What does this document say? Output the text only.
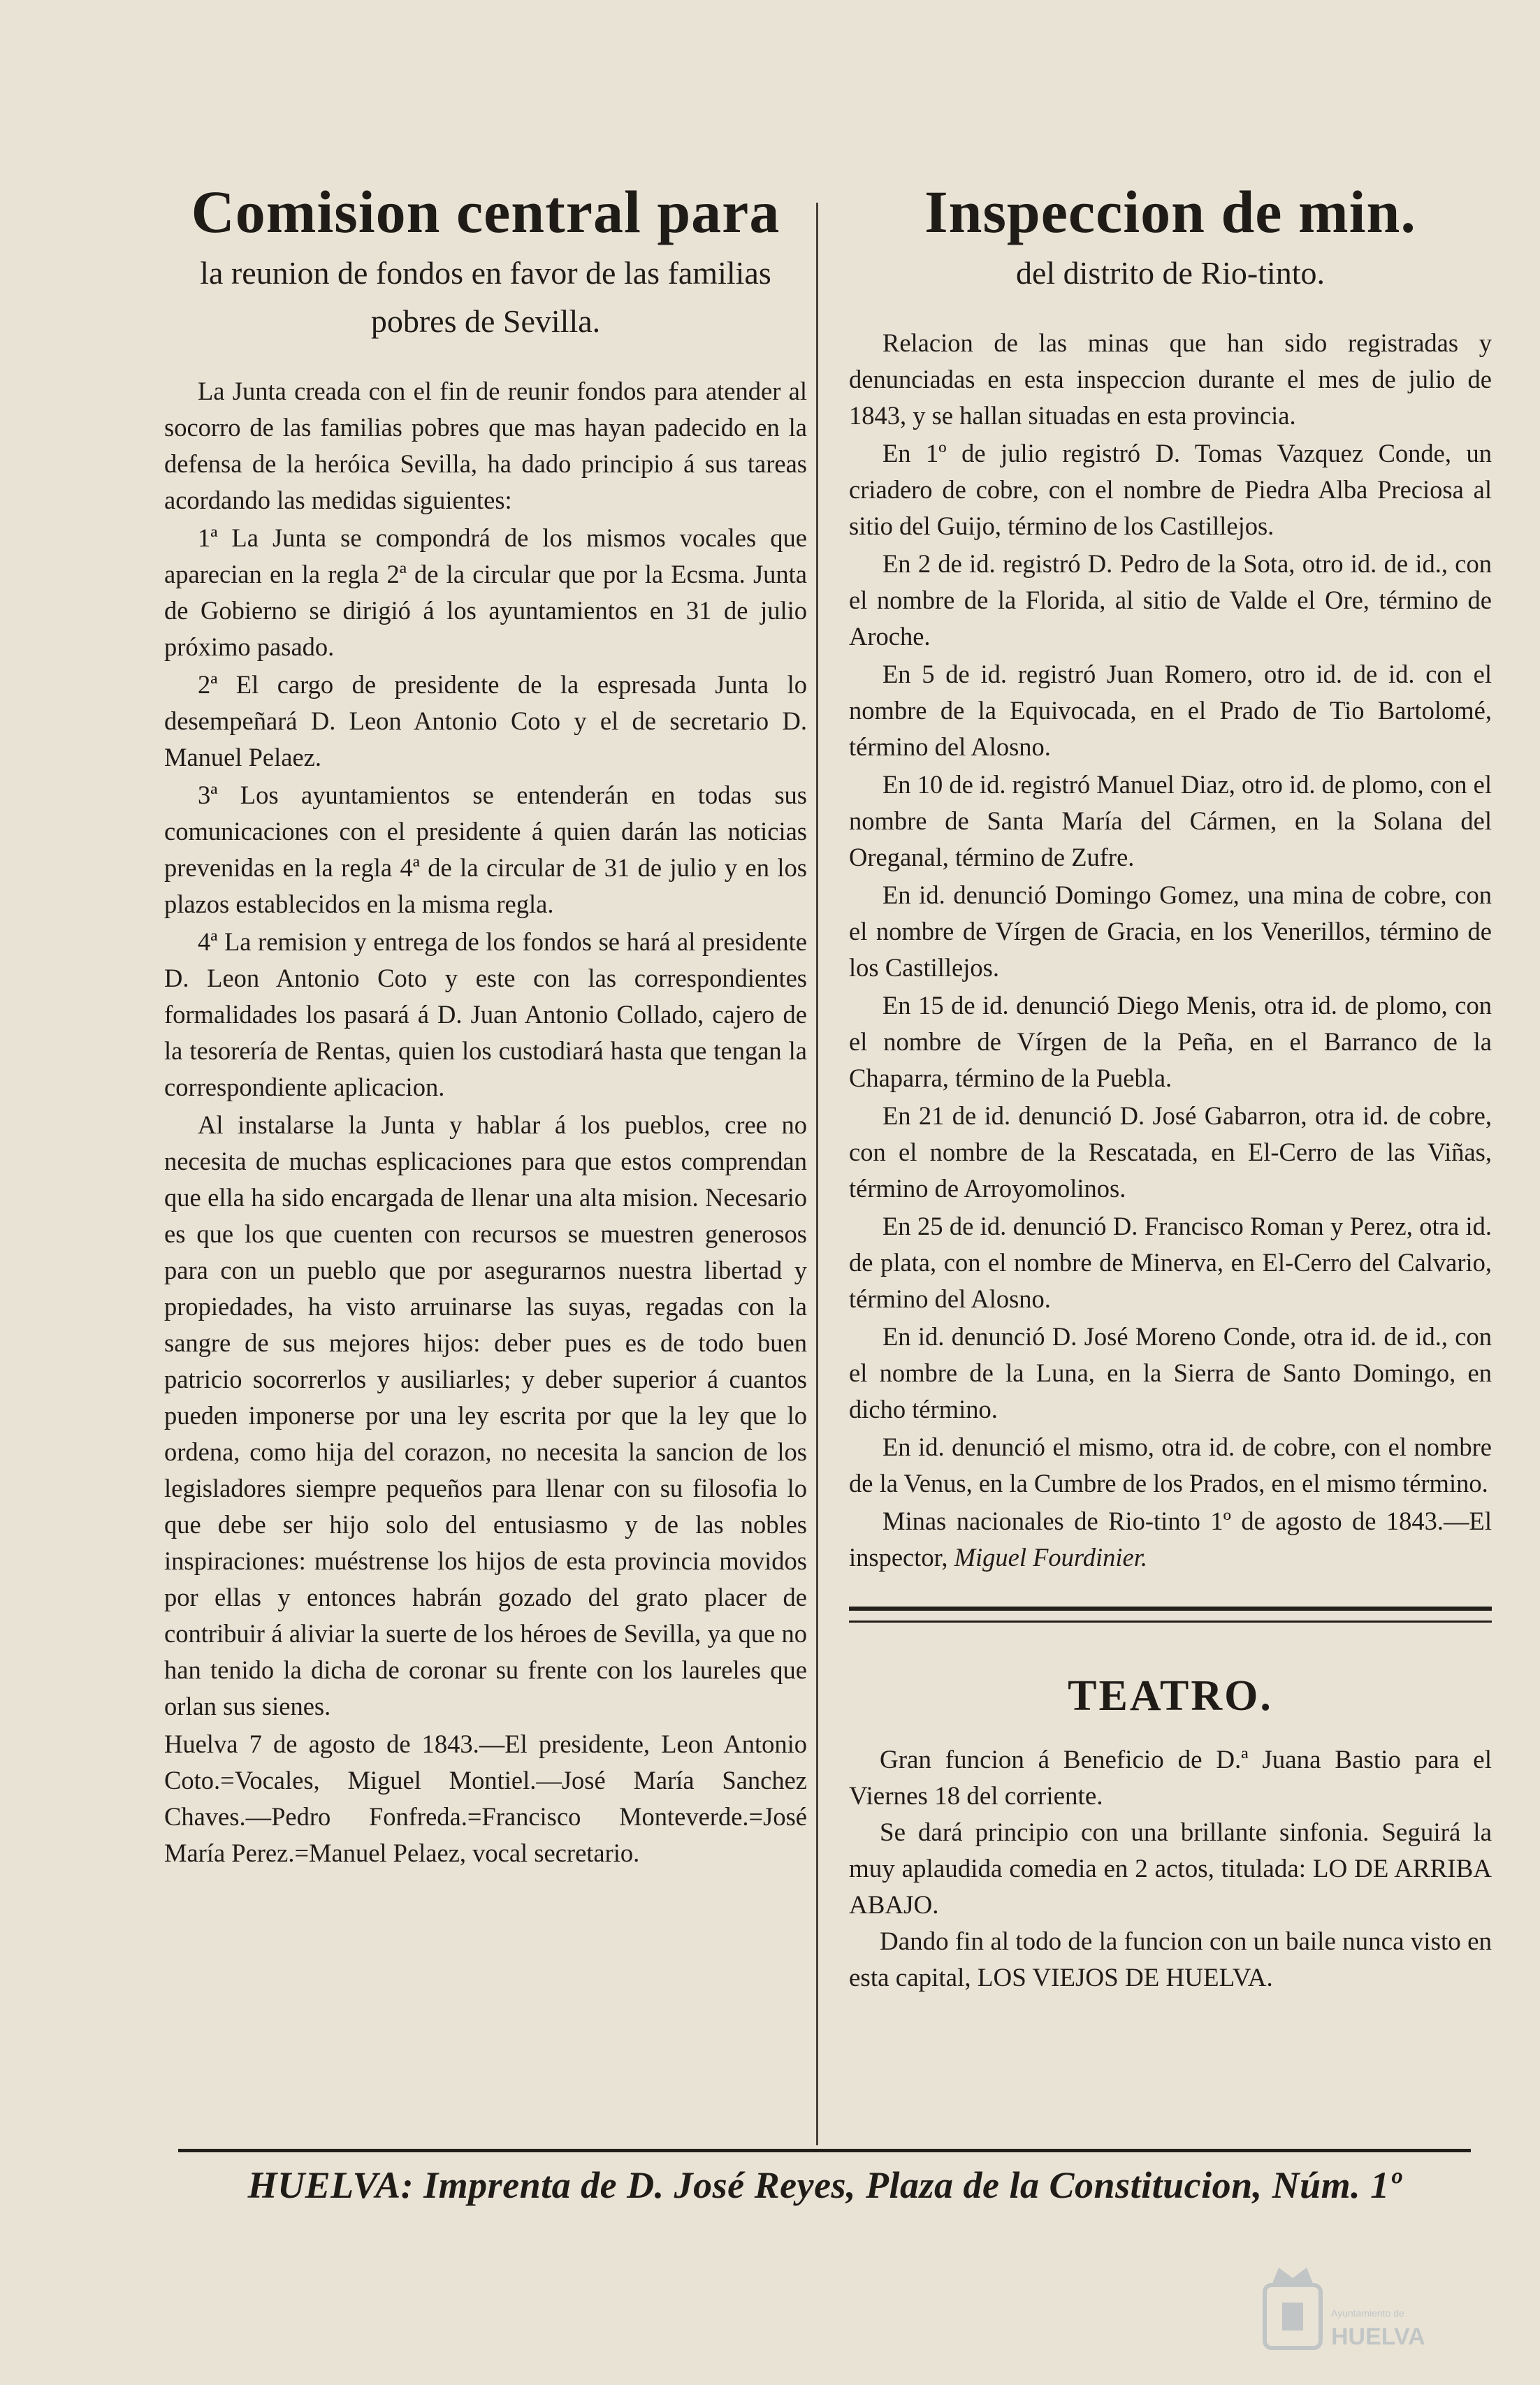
Comision central para
la reunion de fondos en favor de las familias pobres de Sevilla.

La Junta creada con el fin de reunir fondos para atender al socorro de las familias pobres que mas hayan padecido en la defensa de la heróica Sevilla, ha dado principio á sus tareas acordando las medidas siguientes:

1ª La Junta se compondrá de los mismos vocales que aparecian en la regla 2ª de la circular que por la Ecsma. Junta de Gobierno se dirigió á los ayuntamientos en 31 de julio próximo pasado.

2ª El cargo de presidente de la espresada Junta lo desempeñará D. Leon Antonio Coto y el de secretario D. Manuel Pelaez.

3ª Los ayuntamientos se entenderán en todas sus comunicaciones con el presidente á quien darán las noticias prevenidas en la regla 4ª de la circular de 31 de julio y en los plazos establecidos en la misma regla.

4ª La remision y entrega de los fondos se hará al presidente D. Leon Antonio Coto y este con las correspondientes formalidades los pasará á D. Juan Antonio Collado, cajero de la tesorería de Rentas, quien los custodiará hasta que tengan la correspondiente aplicacion.

Al instalarse la Junta y hablar á los pueblos, cree no necesita de muchas esplicaciones para que estos comprendan que ella ha sido encargada de llenar una alta mision. Necesario es que los que cuenten con recursos se muestren generosos para con un pueblo que por asegurarnos nuestra libertad y propiedades, ha visto arruinarse las suyas, regadas con la sangre de sus mejores hijos: deber pues es de todo buen patricio socorrerlos y ausiliarles; y deber superior á cuantos pueden imponerse por una ley escrita por que la ley que lo ordena, como hija del corazon, no necesita la sancion de los legisladores siempre pequeños para llenar con su filosofia lo que debe ser hijo solo del entusiasmo y de las nobles inspiraciones: muéstrense los hijos de esta provincia movidos por ellas y entonces habrán gozado del grato placer de contribuir á aliviar la suerte de los héroes de Sevilla, ya que no han tenido la dicha de coronar su frente con los laureles que orlan sus sienes.

Huelva 7 de agosto de 1843.—El presidente, Leon Antonio Coto.=Vocales, Miguel Montiel.—José María Sanchez Chaves.—Pedro Fonfreda.=Francisco Monteverde.=José María Perez.=Manuel Pelaez, vocal secretario.

Inspeccion de min.
del distrito de Rio-tinto.

Relacion de las minas que han sido registradas y denunciadas en esta inspeccion durante el mes de julio de 1843, y se hallan situadas en esta provincia.

En 1º de julio registró D. Tomas Vazquez Conde, un criadero de cobre, con el nombre de Piedra Alba Preciosa al sitio del Guijo, término de los Castillejos.

En 2 de id. registró D. Pedro de la Sota, otro id. de id., con el nombre de la Florida, al sitio de Valde el Ore, término de Aroche.

En 5 de id. registró Juan Romero, otro id. de id. con el nombre de la Equivocada, en el Prado de Tio Bartolomé, término del Alosno.

En 10 de id. registró Manuel Diaz, otro id. de plomo, con el nombre de Santa María del Cármen, en la Solana del Oreganal, término de Zufre.

En id. denunció Domingo Gomez, una mina de cobre, con el nombre de Vírgen de Gracia, en los Venerillos, término de los Castillejos.

En 15 de id. denunció Diego Menis, otra id. de plomo, con el nombre de Vírgen de la Peña, en el Barranco de la Chaparra, término de la Puebla.

En 21 de id. denunció D. José Gabarron, otra id. de cobre, con el nombre de la Rescatada, en El-Cerro de las Viñas, término de Arroyomolinos.

En 25 de id. denunció D. Francisco Roman y Perez, otra id. de plata, con el nombre de Minerva, en El-Cerro del Calvario, término del Alosno.

En id. denunció D. José Moreno Conde, otra id. de id., con el nombre de la Luna, en la Sierra de Santo Domingo, en dicho término.

En id. denunció el mismo, otra id. de cobre, con el nombre de la Venus, en la Cumbre de los Prados, en el mismo término.

Minas nacionales de Rio-tinto 1º de agosto de 1843.—El inspector, Miguel Fourdinier.

TEATRO.

Gran funcion á Beneficio de D.ª Juana Bastio para el Viernes 18 del corriente.

Se dará principio con una brillante sinfonia. Seguirá la muy aplaudida comedia en 2 actos, titulada: LO DE ARRIBA ABAJO.

Dando fin al todo de la funcion con un baile nunca visto en esta capital, LOS VIEJOS DE HUELVA.

HUELVA: Imprenta de D. José Reyes, Plaza de la Constitucion, Núm. 1º
Ayuntamiento de
HUELVA
